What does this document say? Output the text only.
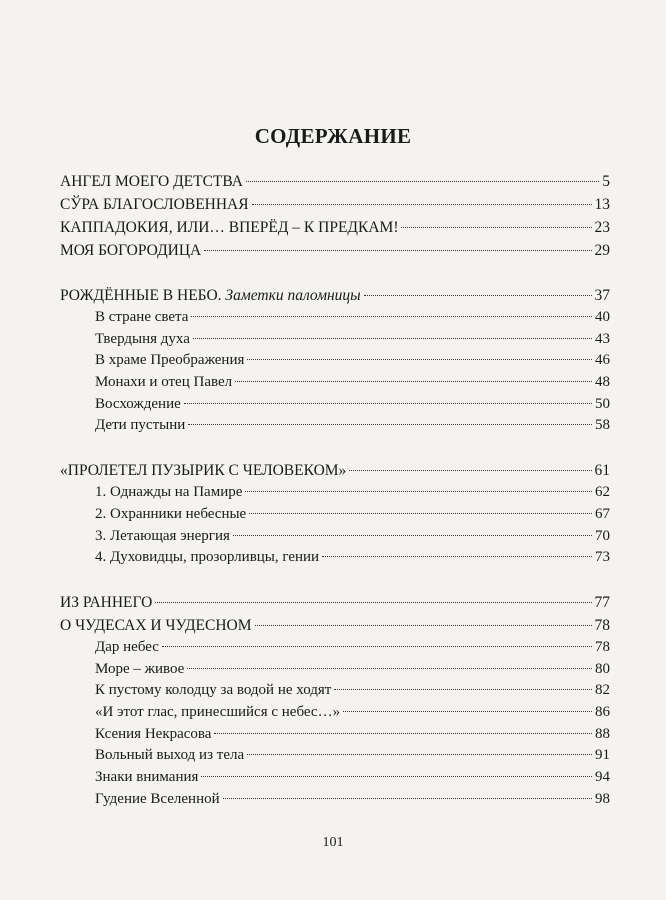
СОДЕРЖАНИЕ
АНГЕЛ МОЕГО ДЕТСТВА	5
СЎРА БЛАГОСЛОВЕННАЯ	13
КАППАДОКИЯ, ИЛИ… ВПЕРЁД – К ПРЕДКАМ!	23
МОЯ БОГОРОДИЦА	29
РОЖДЁННЫЕ В НЕБО. Заметки паломницы	37
В стране света	40
Твердыня духа	43
В храме Преображения	46
Монахи и отец Павел	48
Восхождение	50
Дети пустыни	58
«ПРОЛЕТЕЛ ПУЗЫРИК С ЧЕЛОВЕКОМ»	61
1. Однажды на Памире	62
2. Охранники небесные	67
3. Летающая энергия	70
4. Духовидцы, прозорливцы, гении	73
ИЗ РАННЕГО	77
О ЧУДЕСАХ И ЧУДЕСНОМ	78
Дар небес	78
Море – живое	80
К пустому колодцу за водой не ходят	82
«И этот глас, принесшийся с небес…»	86
Ксения Некрасова	88
Вольный выход из тела	91
Знаки внимания	94
Гудение Вселенной	98
101
